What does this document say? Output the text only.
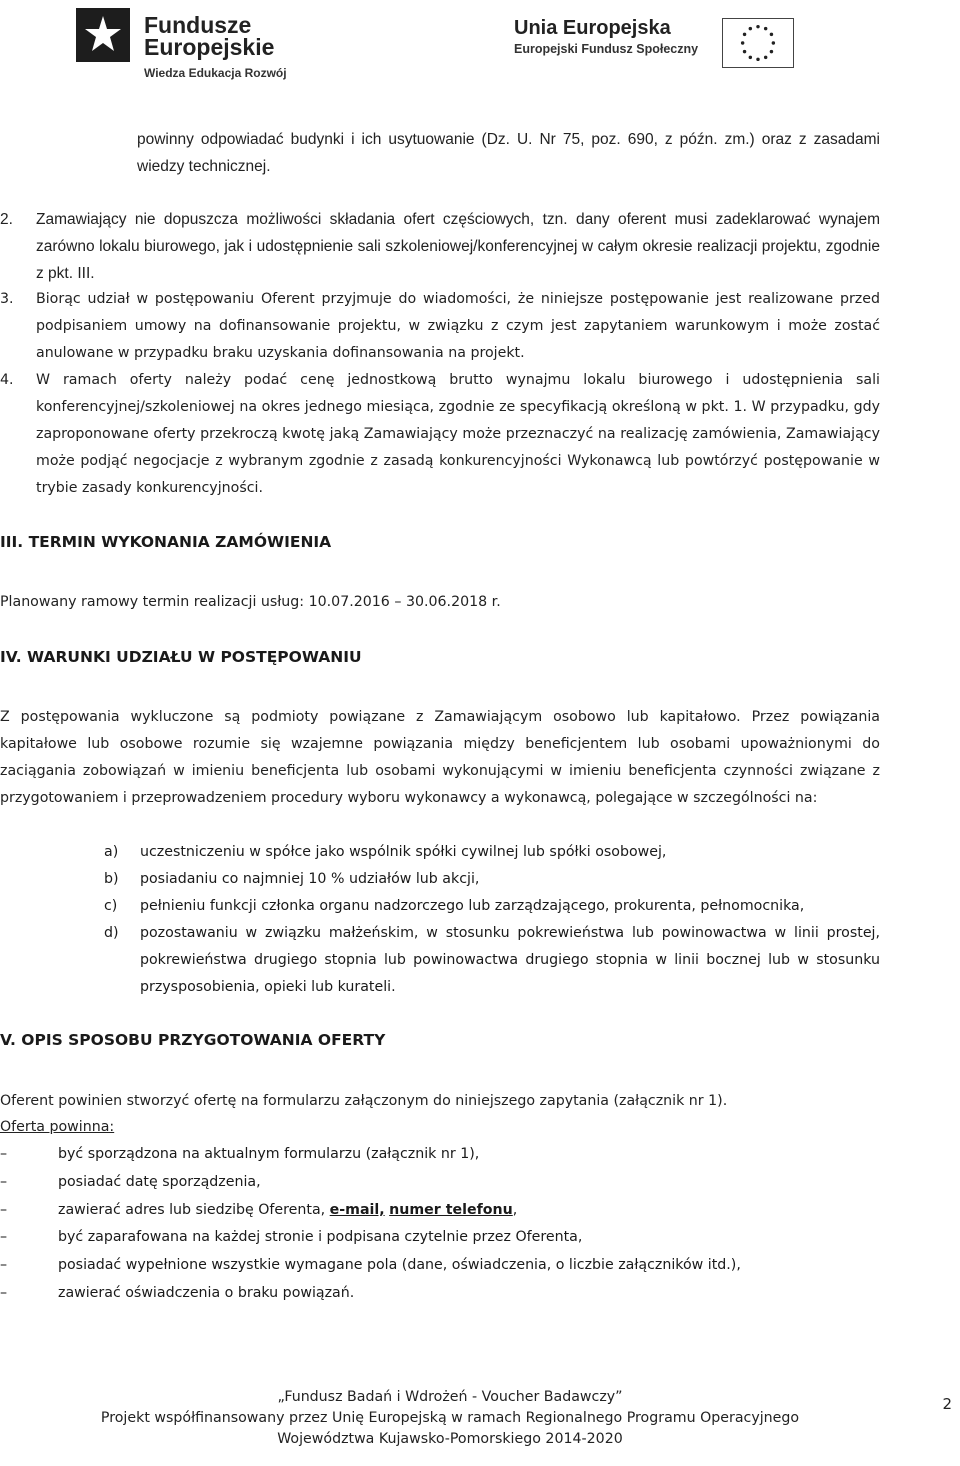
Fundusze
Europejskie
Wiedza Edukacja Rozwój
Unia Europejska
Europejski Fundusz Społeczny

powinny odpowiadać budynki i ich usytuowanie (Dz. U. Nr 75, poz. 690, z późn. zm.) oraz z zasadami wiedzy technicznej.

2. Zamawiający nie dopuszcza możliwości składania ofert częściowych, tzn. dany oferent musi zadeklarować wynajem zarówno lokalu biurowego, jak i udostępnienie sali szkoleniowej/konferencyjnej w całym okresie realizacji projektu, zgodnie z pkt. III.

3. Biorąc udział w postępowaniu Oferent przyjmuje do wiadomości, że niniejsze postępowanie jest realizowane przed podpisaniem umowy na dofinansowanie projektu, w związku z czym jest zapytaniem warunkowym i może zostać anulowane w przypadku braku uzyskania dofinansowania na projekt.

4. W ramach oferty należy podać cenę jednostkową brutto wynajmu lokalu biurowego i udostępnienia sali konferencyjnej/szkoleniowej na okres jednego miesiąca, zgodnie ze specyfikacją określoną w pkt. 1. W przypadku, gdy zaproponowane oferty przekroczą kwotę jaką Zamawiający może przeznaczyć na realizację zamówienia, Zamawiający może podjąć negocjacje z wybranym zgodnie z zasadą konkurencyjności Wykonawcą lub powtórzyć postępowanie w trybie zasady konkurencyjności.

III. TERMIN WYKONANIA ZAMÓWIENIA

Planowany ramowy termin realizacji usług: 10.07.2016 – 30.06.2018 r.

IV. WARUNKI UDZIAŁU W POSTĘPOWANIU

Z postępowania wykluczone są podmioty powiązane z Zamawiającym osobowo lub kapitałowo. Przez powiązania kapitałowe lub osobowe rozumie się wzajemne powiązania między beneficjentem lub osobami upoważnionymi do zaciągania zobowiązań w imieniu beneficjenta lub osobami wykonującymi w imieniu beneficjenta czynności związane z przygotowaniem i przeprowadzeniem procedury wyboru wykonawcy a wykonawcą, polegające w szczególności na:

a) uczestniczeniu w spółce jako wspólnik spółki cywilnej lub spółki osobowej,
b) posiadaniu co najmniej 10 % udziałów lub akcji,
c) pełnieniu funkcji członka organu nadzorczego lub zarządzającego, prokurenta, pełnomocnika,
d) pozostawaniu w związku małżeńskim, w stosunku pokrewieństwa lub powinowactwa w linii prostej, pokrewieństwa drugiego stopnia lub powinowactwa drugiego stopnia w linii bocznej lub w stosunku przysposobienia, opieki lub kurateli.
V. OPIS SPOSOBU PRZYGOTOWANIA OFERTY

Oferent powinien stworzyć ofertę na formularzu załączonym do niniejszego zapytania (załącznik nr 1).

Oferta powinna:

–	być sporządzona na aktualnym formularzu (załącznik nr 1),
–	posiadać datę sporządzenia,
–	zawierać adres lub siedzibę Oferenta, e-mail, numer telefonu,
–	być zaparafowana na każdej stronie i podpisana czytelnie przez Oferenta,
–	posiadać wypełnione wszystkie wymagane pola (dane, oświadczenia, o liczbie załączników itd.),
–	zawierać oświadczenia o braku powiązań.
„Fundusz Badań i Wdrożeń - Voucher Badawczy”
Projekt współfinansowany przez Unię Europejską w ramach Regionalnego Programu Operacyjnego
Województwa Kujawsko-Pomorskiego 2014-2020
2
